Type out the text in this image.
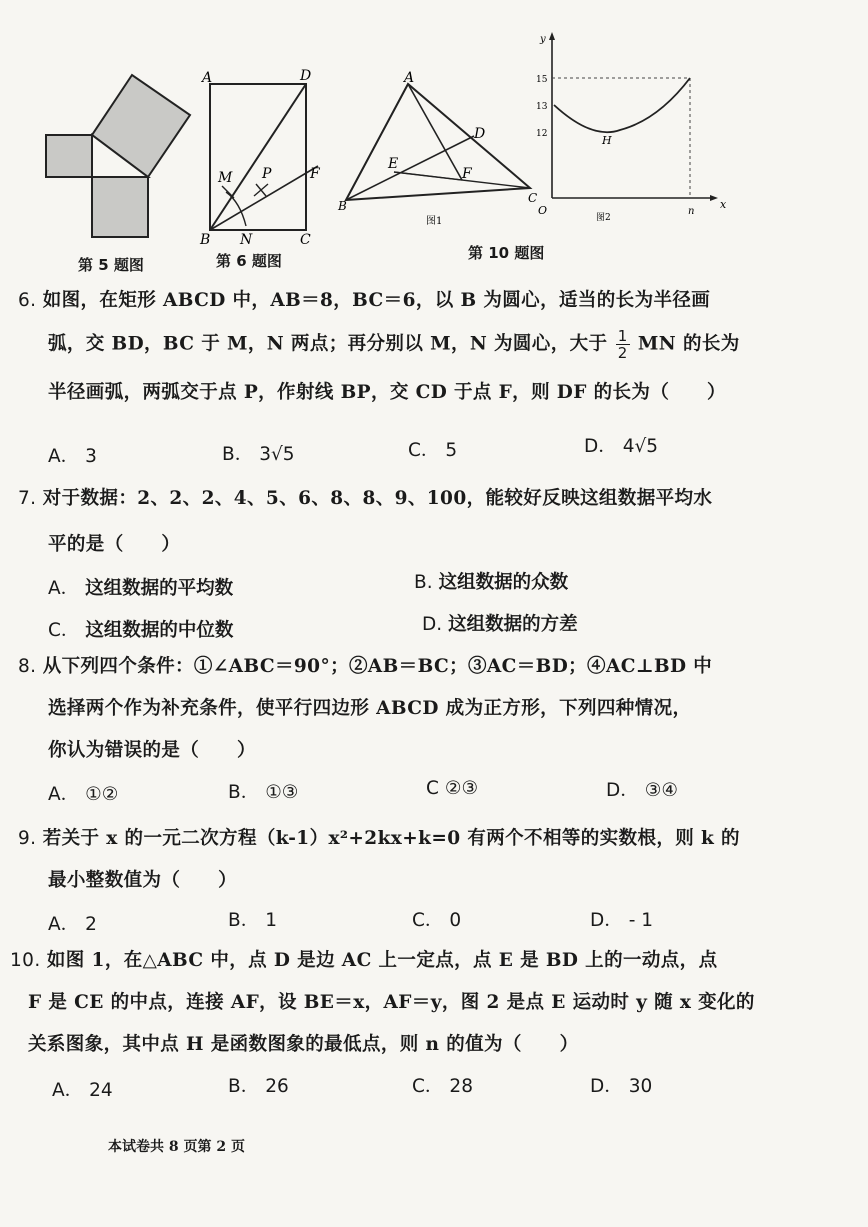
第 5 题图
A	D
M P	F
B N	C
第 6 题图
A
D
E
F
B
C
图1
y
x
O
15
13
12	H
n
图2
第 10 题图
6. 如图，在矩形 ABCD 中，AB＝8，BC＝6，以 B 为圆心，适当的长为半径画
弧，交 BD，BC 于 M，N 两点；再分别以 M，N 为圆心，大于 $\frac{1}{2}$ MN 的长为
半径画弧，两弧交于点 P，作射线 BP，交 CD 于点 F，则 DF 的长为（　　）
A． 3	B． 3√5	C． 5	D． 4√5
7. 对于数据：2、2、2、4、5、6、8、8、9、100，能较好反映这组数据平均水
平的是（　　）
A． 这组数据的平均数	B. 这组数据的众数
C． 这组数据的中位数	D. 这组数据的方差
8. 从下列四个条件：①∠ABC＝90°；②AB＝BC；③AC＝BD；④AC⊥BD 中
选择两个作为补充条件，使平行四边形 ABCD 成为正方形，下列四种情况，
你认为错误的是（　　）
A． ①②	B． ①③	C ②③	D． ③④
9. 若关于 x 的一元二次方程（k-1）x²+2kx+k=0 有两个不相等的实数根，则 k 的
最小整数值为（　　）
A． 2	B． 1	C． 0	D． - 1
10. 如图 1，在△ABC 中，点 D 是边 AC 上一定点，点 E 是 BD 上的一动点，点
F 是 CE 的中点，连接 AF，设 BE＝x，AF＝y，图 2 是点 E 运动时 y 随 x 变化的
关系图象，其中点 H 是函数图象的最低点，则 n 的值为（　　）
A． 24	B． 26	C． 28	D． 30
本试卷共 8 页第 2 页
